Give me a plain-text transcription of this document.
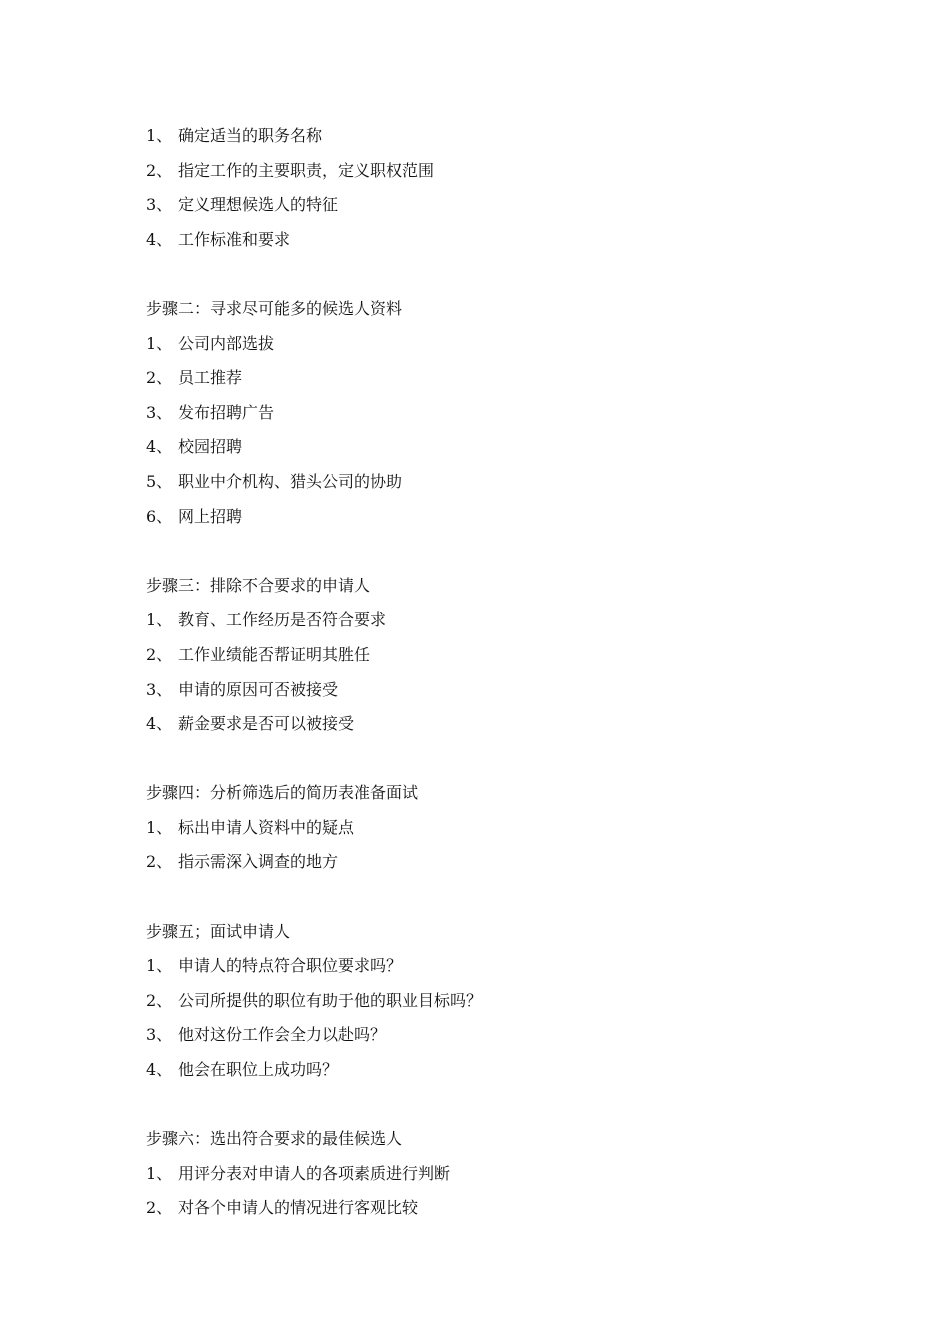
1、 确定适当的职务名称
2、 指定工作的主要职责，定义职权范围
3、 定义理想候选人的特征
4、 工作标准和要求
步骤二：寻求尽可能多的候选人资料
1、 公司内部选拔
2、 员工推荐
3、 发布招聘广告
4、 校园招聘
5、 职业中介机构、猎头公司的协助
6、 网上招聘
步骤三：排除不合要求的申请人
1、 教育、工作经历是否符合要求
2、 工作业绩能否帮证明其胜任
3、 申请的原因可否被接受
4、 薪金要求是否可以被接受
步骤四：分析筛选后的简历表准备面试
1、 标出申请人资料中的疑点
2、 指示需深入调查的地方
步骤五；面试申请人
1、 申请人的特点符合职位要求吗？
2、 公司所提供的职位有助于他的职业目标吗？
3、 他对这份工作会全力以赴吗？
4、 他会在职位上成功吗？
步骤六：选出符合要求的最佳候选人
1、 用评分表对申请人的各项素质进行判断
2、 对各个申请人的情况进行客观比较
